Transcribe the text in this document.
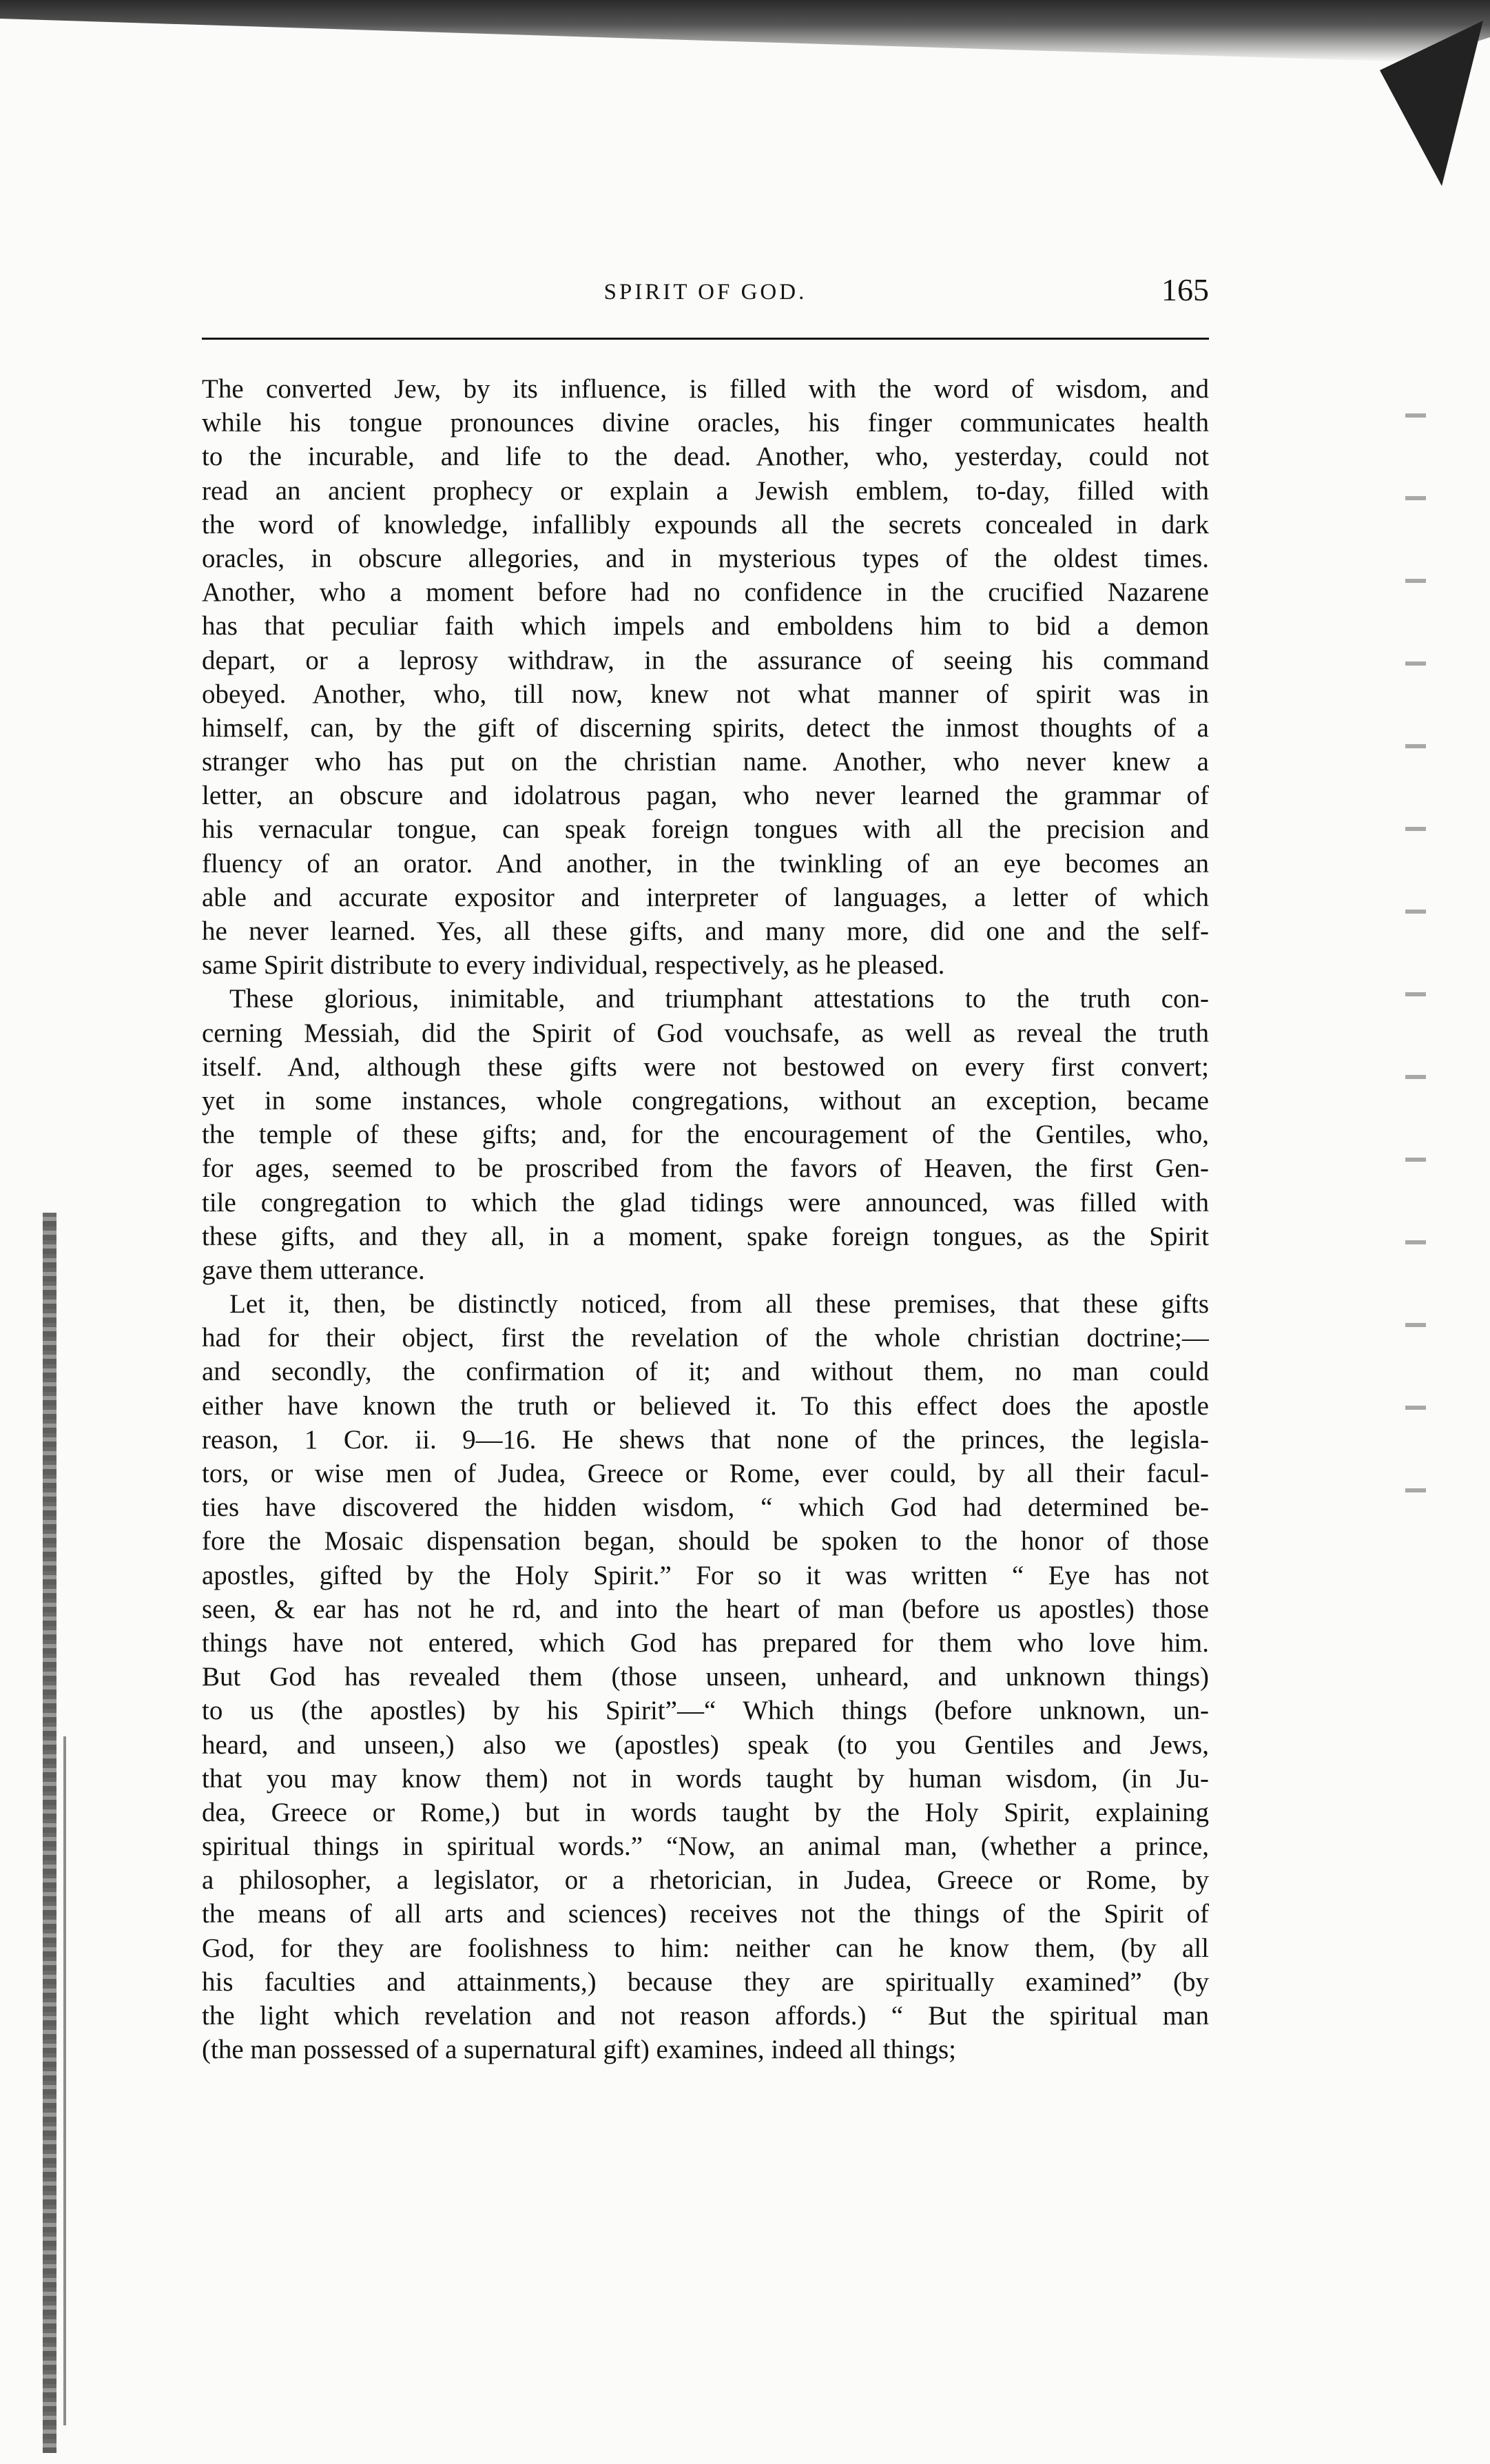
SPIRIT OF GOD.	165
The converted Jew, by its influence, is filled with the word of wisdom, and
while his tongue pronounces divine oracles, his finger communicates health
to the incurable, and life to the dead. Another, who, yesterday, could not
read an ancient prophecy or explain a Jewish emblem, to-day, filled with
the word of knowledge, infallibly expounds all the secrets concealed in dark
oracles, in obscure allegories, and in mysterious types of the oldest times.
Another, who a moment before had no confidence in the crucified Nazarene
has that peculiar faith which impels and emboldens him to bid a demon
depart, or a leprosy withdraw, in the assurance of seeing his command
obeyed. Another, who, till now, knew not what manner of spirit was in
himself, can, by the gift of discerning spirits, detect the inmost thoughts of a
stranger who has put on the christian name. Another, who never knew a
letter, an obscure and idolatrous pagan, who never learned the grammar of
his vernacular tongue, can speak foreign tongues with all the precision and
fluency of an orator. And another, in the twinkling of an eye becomes an
able and accurate expositor and interpreter of languages, a letter of which
he never learned. Yes, all these gifts, and many more, did one and the self-
same Spirit distribute to every individual, respectively, as he pleased.
These glorious, inimitable, and triumphant attestations to the truth con-
cerning Messiah, did the Spirit of God vouchsafe, as well as reveal the truth
itself. And, although these gifts were not bestowed on every first convert;
yet in some instances, whole congregations, without an exception, became
the temple of these gifts; and, for the encouragement of the Gentiles, who,
for ages, seemed to be proscribed from the favors of Heaven, the first Gen-
tile congregation to which the glad tidings were announced, was filled with
these gifts, and they all, in a moment, spake foreign tongues, as the Spirit
gave them utterance.
Let it, then, be distinctly noticed, from all these premises, that these gifts
had for their object, first the revelation of the whole christian doctrine;—
and secondly, the confirmation of it; and without them, no man could
either have known the truth or believed it. To this effect does the apostle
reason, 1 Cor. ii. 9—16. He shews that none of the princes, the legisla-
tors, or wise men of Judea, Greece or Rome, ever could, by all their facul-
ties have discovered the hidden wisdom, “ which God had determined be-
fore the Mosaic dispensation began, should be spoken to the honor of those
apostles, gifted by the Holy Spirit.” For so it was written “ Eye has not
seen, & ear has not he rd, and into the heart of man (before us apostles) those
things have not entered, which God has prepared for them who love him.
But God has revealed them (those unseen, unheard, and unknown things)
to us (the apostles) by his Spirit”—“ Which things (before unknown, un-
heard, and unseen,) also we (apostles) speak (to you Gentiles and Jews,
that you may know them) not in words taught by human wisdom, (in Ju-
dea, Greece or Rome,) but in words taught by the Holy Spirit, explaining
spiritual things in spiritual words.” “Now, an animal man, (whether a prince,
a philosopher, a legislator, or a rhetorician, in Judea, Greece or Rome, by
the means of all arts and sciences) receives not the things of the Spirit of
God, for they are foolishness to him: neither can he know them, (by all
his faculties and attainments,) because they are spiritually examined” (by
the light which revelation and not reason affords.) “ But the spiritual man
(the man possessed of a supernatural gift) examines, indeed all things;
